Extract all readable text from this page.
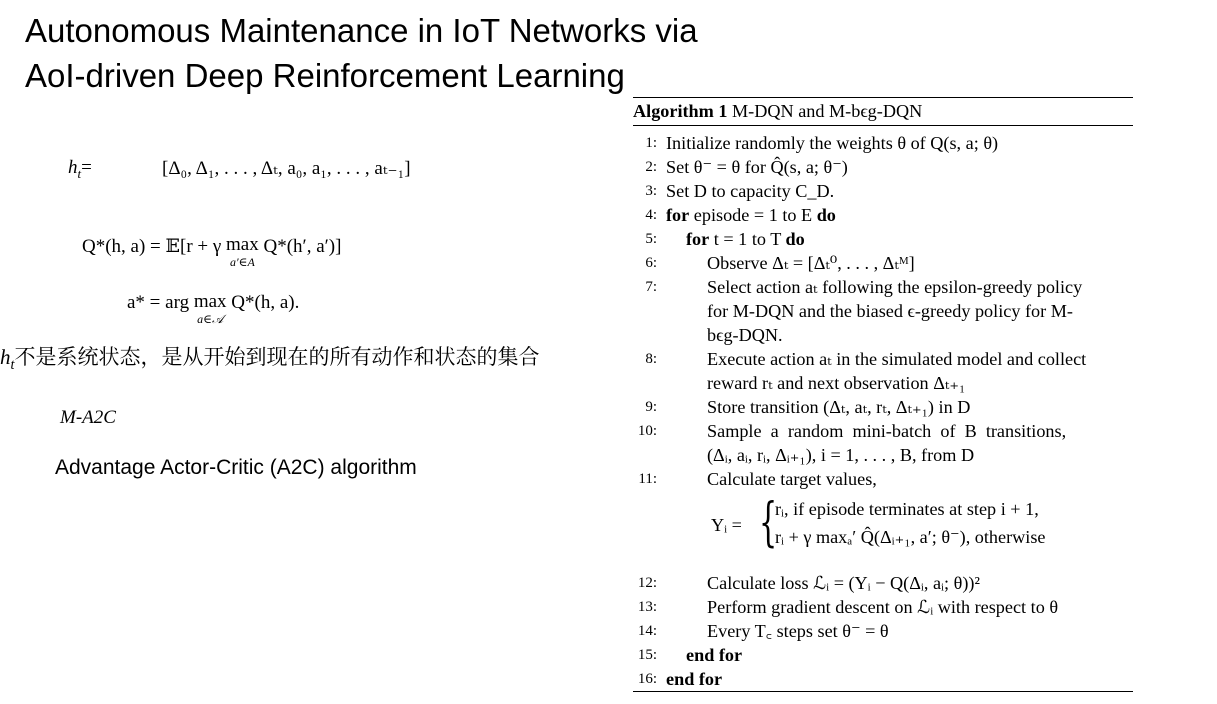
Autonomous Maintenance in IoT Networks via
AoI-driven Deep Reinforcement Learning
$h_t=$	[Δ₀, Δ₁, . . . , Δₜ, a₀, a₁, . . . , aₜ₋₁]
Q*(h, a) = 𝔼[r + γ max
a′∈A
Q*(h′, a′)]
a* = arg max
a∈𝒜
Q*(h, a).
$h_t$不是系统状态，是从开始到现在的所有动作和状态的集合
M-A2C
Advantage Actor-Critic (A2C) algorithm
Algorithm 1 M-DQN and M-bϵg-DQN
1: Initialize randomly the weights θ of Q(s, a; θ)
2: Set θ⁻ = θ for Q̂(s, a; θ⁻)
3: Set D to capacity C_D.
4: for episode = 1 to E do
5: for t = 1 to T do
6:	Observe Δₜ = [Δₜ⁰, . . . , Δₜᴹ]
7:	Select action aₜ following the epsilon-greedy policy
for M-DQN and the biased ϵ-greedy policy for M-
bϵg-DQN.
8:	Execute action aₜ in the simulated model and collect
reward rₜ and next observation Δₜ₊₁
9:	Store transition (Δₜ, aₜ, rₜ, Δₜ₊₁) in D
10:	Sample  a  random  mini-batch  of  B  transitions,
(Δᵢ, aᵢ, rᵢ, Δᵢ₊₁), i = 1, . . . , B, from D
11:	Calculate target values,
Yᵢ = {
rᵢ, if episode terminates at step i + 1,
rᵢ + γ maxₐ′ Q̂(Δᵢ₊₁, a′; θ⁻), otherwise
12:	Calculate loss ℒᵢ = (Yᵢ − Q(Δᵢ, aᵢ; θ))²
13:	Perform gradient descent on ℒᵢ with respect to θ
14:	Every T꜀ steps set θ⁻ = θ
15: end for
16: end for
